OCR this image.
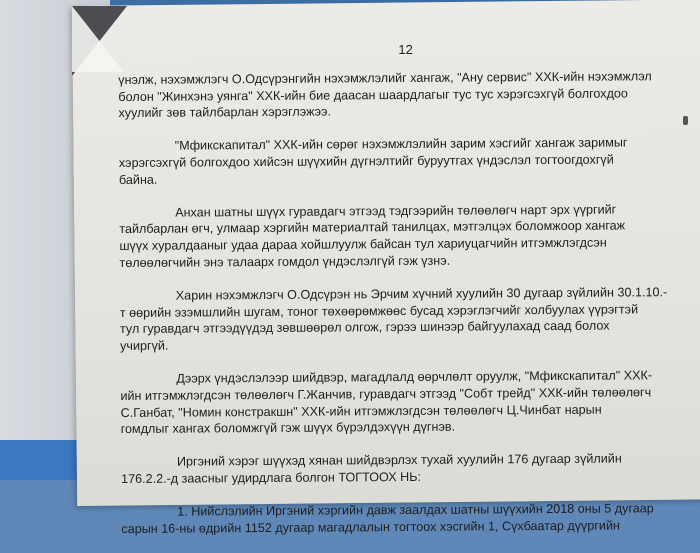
12
үнэлж, нэхэмжлэгч О.Одсүрэнгийн нэхэмжлэлийг хангаж, "Ану сервис" ХХК-ийн нэхэмжлэл
болон "Жинхэнэ уянга" ХХК-ийн бие даасан шаардлагыг тус тус хэрэгсэхгүй болгохдоо
хуулийг зөв тайлбарлан хэрэглэжээ.
"Мфикскапитал" ХХК-ийн сөрөг нэхэмжлэлийн зарим хэсгийг хангаж заримыг
хэрэгсэхгүй болгохдоо хийсэн шүүхийн дүгнэлтийг буруутгах үндэслэл тогтоогдохгүй
байна.
Анхан шатны шүүх гуравдагч этгээд тэдгээрийн төлөөлөгч нарт эрх үүргийг
тайлбарлан өгч, улмаар хэргийн материалтай танилцах, мэтгэлцэх боломжоор хангаж
шүүх хуралдааныг удаа дараа хойшлуулж байсан тул хариуцагчийн итгэмжлэгдсэн
төлөөлөгчийн энэ талаарх гомдол үндэслэлгүй гэж үзнэ.
Харин нэхэмжлэгч О.Одсүрэн нь Эрчим хүчний хуулийн 30 дугаар зүйлийн 30.1.10.-
т өөрийн эзэмшлийн шугам, тоног төхөөрөмжөөс бусад хэрэглэгчийг холбуулах үүрэгтэй
тул гуравдагч этгээдүүдэд зөвшөөрөл олгож, гэрээ шинээр байгуулахад саад болох
учиргүй.
Дээрх үндэслэлээр шийдвэр, магадлалд өөрчлөлт оруулж, "Мфикскапитал" ХХК-
ийн итгэмжлэгдсэн төлөөлөгч Г.Жанчив, гуравдагч этгээд "Собт трейд" ХХК-ийн төлөөлөгч
С.Ганбат, "Номин констракшн" ХХК-ийн итгэмжлэгдсэн төлөөлөгч Ц.Чинбат нарын
гомдлыг хангах боломжгүй гэж шүүх бүрэлдэхүүн дүгнэв.
Иргэний хэрэг шүүхэд хянан шийдвэрлэх тухай хуулийн 176 дугаар зүйлийн
176.2.2.-д заасныг удирдлага болгон ТОГТООХ НЬ:
1. Нийслэлийн Иргэний хэргийн давж заалдах шатны шүүхийн 2018 оны 5 дугаар
сарын 16-ны өдрийн 1152 дугаар магадлалын тогтоох хэсгийн 1, Сүхбаатар дүүргийн
